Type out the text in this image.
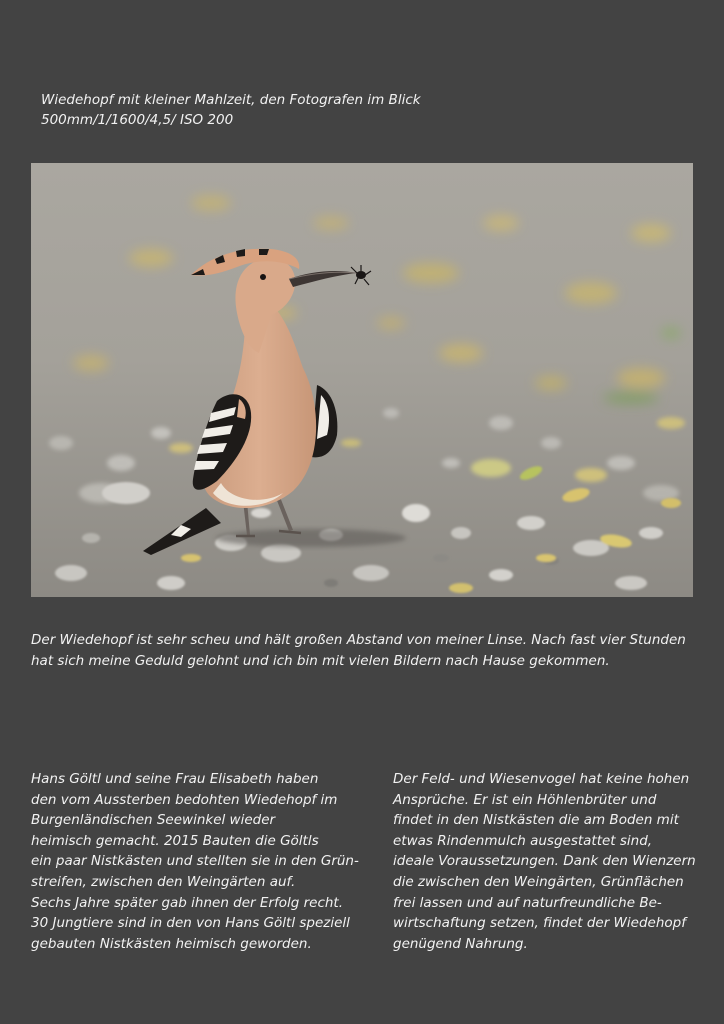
Wiedehopf mit kleiner Mahlzeit, den Fotografen im Blick
500mm/1/1600/4,5/ ISO 200
Der Wiedehopf ist sehr scheu und hält großen Abstand von meiner Linse. Nach fast vier Stunden
hat sich meine Geduld gelohnt und ich bin mit vielen Bildern nach Hause gekommen.
Hans Göltl und seine Frau Elisabeth haben
den vom Aussterben bedohten Wiedehopf im
Burgenländischen Seewinkel wieder
heimisch gemacht. 2015 Bauten die Göltls
ein paar Nistkästen und stellten sie in den Grün-
streifen, zwischen den Weingärten auf.
Sechs Jahre später gab ihnen der Erfolg recht.
30 Jungtiere sind in den von Hans Göltl speziell
gebauten Nistkästen heimisch geworden.
Der Feld- und Wiesenvogel hat keine hohen
Ansprüche. Er ist ein Höhlenbrüter und
findet in den Nistkästen die am Boden mit
etwas Rindenmulch ausgestattet sind,
ideale Voraussetzungen. Dank den Wienzern
die zwischen den Weingärten, Grünflächen
frei lassen und auf naturfreundliche Be-
wirtschaftung setzen, findet der Wiedehopf
genügend Nahrung.
